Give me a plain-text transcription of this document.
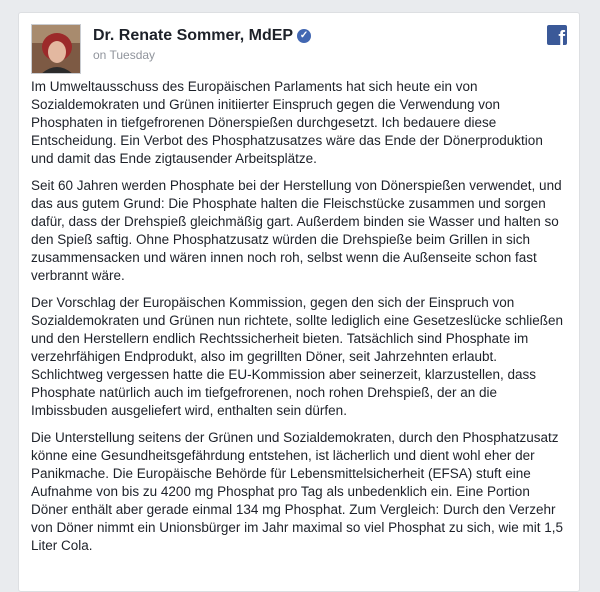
Dr. Renate Sommer, MdEP ✓
on Tuesday
f

Im Umweltausschuss des Europäischen Parlaments hat sich heute ein von Sozialdemokraten und Grünen initiierter Einspruch gegen die Verwendung von Phosphaten in tiefgefrorenen Dönerspießen durchgesetzt. Ich bedauere diese Entscheidung. Ein Verbot des Phosphatzusatzes wäre das Ende der Dönerproduktion und damit das Ende zigtausender Arbeitsplätze.

Seit 60 Jahren werden Phosphate bei der Herstellung von Dönerspießen verwendet, und das aus gutem Grund: Die Phosphate halten die Fleischstücke zusammen und sorgen dafür, dass der Drehspieß gleichmäßig gart. Außerdem binden sie Wasser und halten so den Spieß saftig. Ohne Phosphatzusatz würden die Drehspieße beim Grillen in sich zusammensacken und wären innen noch roh, selbst wenn die Außenseite schon fast verbrannt wäre.

Der Vorschlag der Europäischen Kommission, gegen den sich der Einspruch von Sozialdemokraten und Grünen nun richtete, sollte lediglich eine Gesetzeslücke schließen und den Herstellern endlich Rechtssicherheit bieten. Tatsächlich sind Phosphate im verzehrfähigen Endprodukt, also im gegrillten Döner, seit Jahrzehnten erlaubt. Schlichtweg vergessen hatte die EU-Kommission aber seinerzeit, klarzustellen, dass Phosphate natürlich auch im tiefgefrorenen, noch rohen Drehspieß, der an die Imbissbuden ausgeliefert wird, enthalten sein dürfen.

Die Unterstellung seitens der Grünen und Sozialdemokraten, durch den Phosphatzusatz könne eine Gesundheitsgefährdung entstehen, ist lächerlich und dient wohl eher der Panikmache. Die Europäische Behörde für Lebensmittelsicherheit (EFSA) stuft eine Aufnahme von bis zu 4200 mg Phosphat pro Tag als unbedenklich ein. Eine Portion Döner enthält aber gerade einmal 134 mg Phosphat. Zum Vergleich: Durch den Verzehr von Döner nimmt ein Unionsbürger im Jahr maximal so viel Phosphat zu sich, wie mit 1,5 Liter Cola.
